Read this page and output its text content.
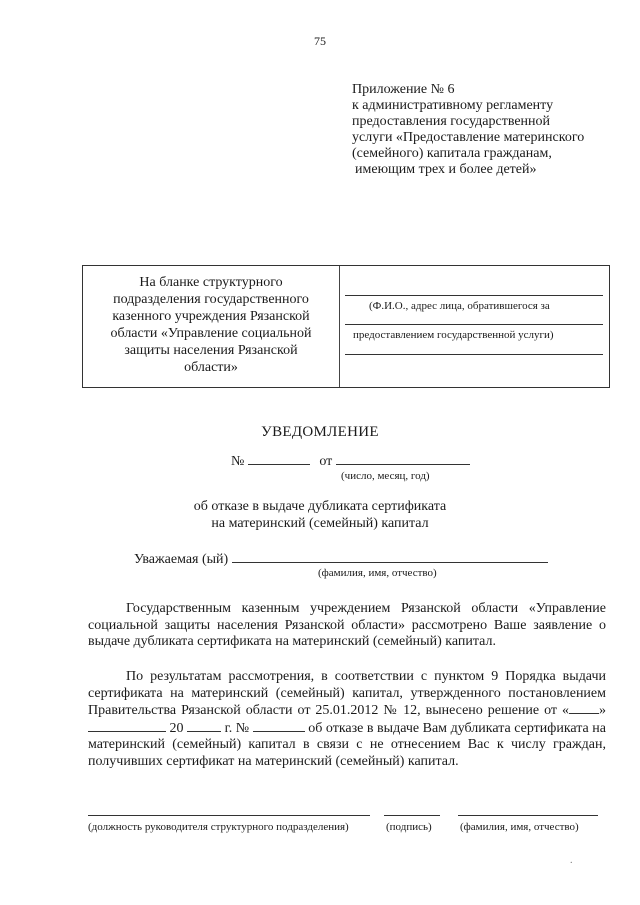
75
Приложение № 6
к административному регламенту
предоставления государственной
услуги «Предоставление материнского
(семейного) капитала гражданам,
имеющим трех и более детей»
На бланке структурного
подразделения государственного
казенного учреждения Рязанской
области «Управление социальной
защиты населения Рязанской
области»
(Ф.И.О., адрес лица, обратившегося за
предоставлением государственной услуги)
УВЕДОМЛЕНИЕ
№	от
(число, месяц, год)
об отказе в выдаче дубликата сертификата
на материнский (семейный) капитал
Уважаемая (ый)
(фамилия, имя, отчество)
Государственным казенным учреждением Рязанской области «Управление социальной защиты населения Рязанской области» рассмотрено Ваше заявление о выдаче дубликата сертификата на материнский (семейный) капитал.
По результатам рассмотрения, в соответствии с пунктом 9 Порядка выдачи сертификата на материнский (семейный) капитал, утвержденного постановлением Правительства Рязанской области от 25.01.2012 № 12, вынесено решение от « »  20	г. №	об отказе в выдаче Вам дубликата сертификата на материнский (семейный) капитал в связи с не отнесением Вас к числу граждан, получивших сертификат на материнский (семейный) капитал.
(должность руководителя структурного подразделения)	(подпись)	(фамилия, имя, отчество)
.
